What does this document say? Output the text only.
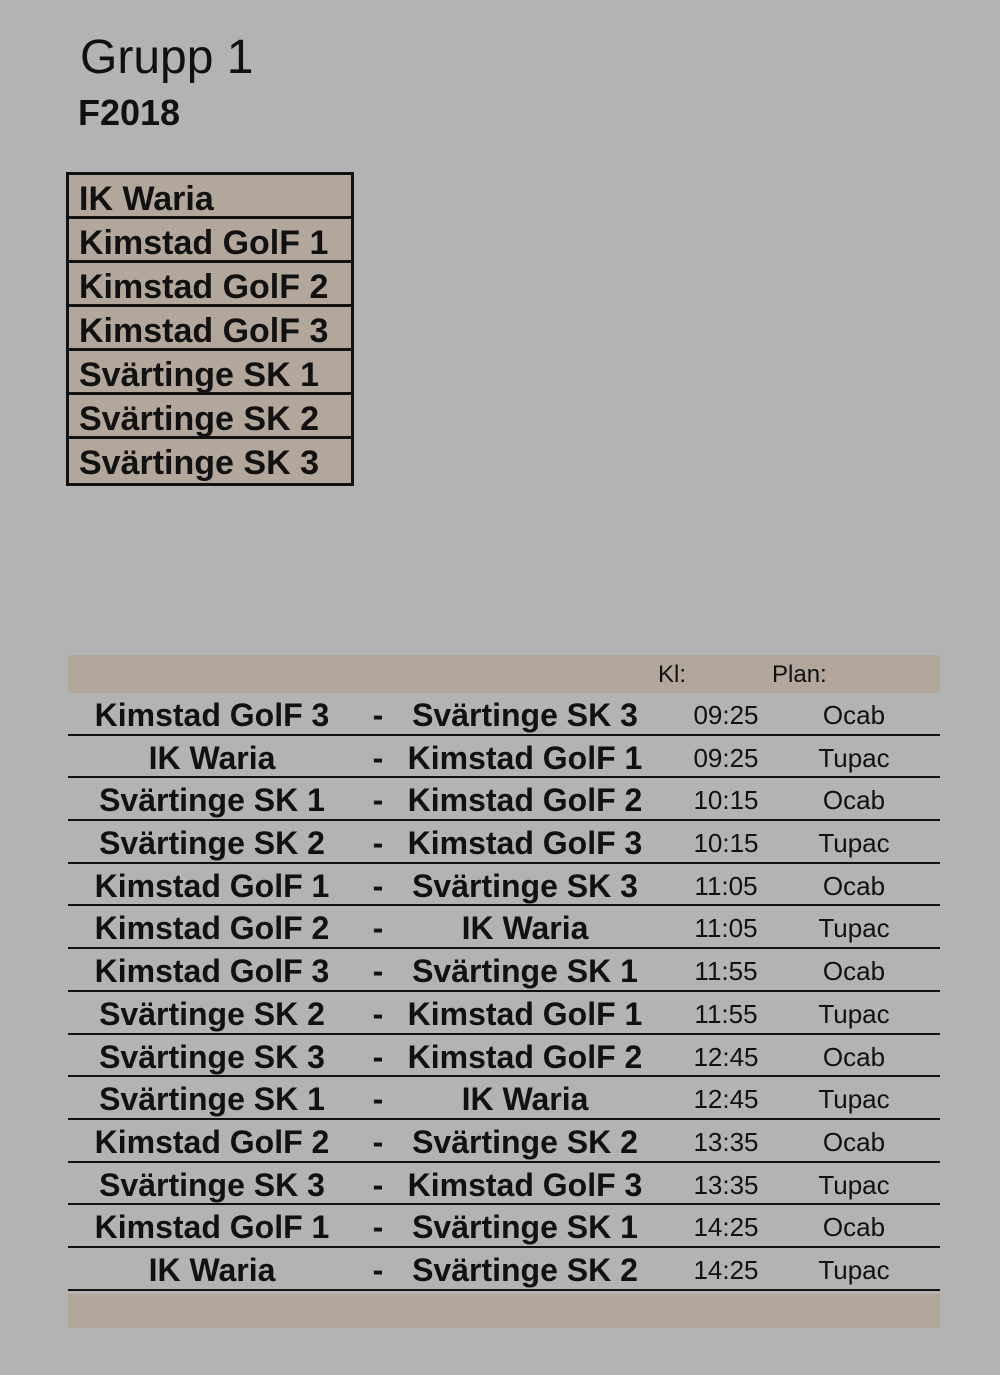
Grupp 1
F2018
IK Waria
Kimstad GolF 1
Kimstad GolF 2
Kimstad GolF 3
Svärtinge SK 1
Svärtinge SK 2
Svärtinge SK 3
Kl:	Plan:
Kimstad GolF 3	- Svärtinge SK 3	09:25	Ocab
IK Waria	- Kimstad GolF 1	09:25	Tupac
Svärtinge SK 1	- Kimstad GolF 2	10:15	Ocab
Svärtinge SK 2	- Kimstad GolF 3	10:15	Tupac
Kimstad GolF 1	- Svärtinge SK 3	11:05	Ocab
Kimstad GolF 2	-	IK Waria	11:05	Tupac
Kimstad GolF 3	- Svärtinge SK 1	11:55	Ocab
Svärtinge SK 2	- Kimstad GolF 1	11:55	Tupac
Svärtinge SK 3	- Kimstad GolF 2	12:45	Ocab
Svärtinge SK 1	-	IK Waria	12:45	Tupac
Kimstad GolF 2	- Svärtinge SK 2	13:35	Ocab
Svärtinge SK 3	- Kimstad GolF 3	13:35	Tupac
Kimstad GolF 1	- Svärtinge SK 1	14:25	Ocab
IK Waria	- Svärtinge SK 2	14:25	Tupac
